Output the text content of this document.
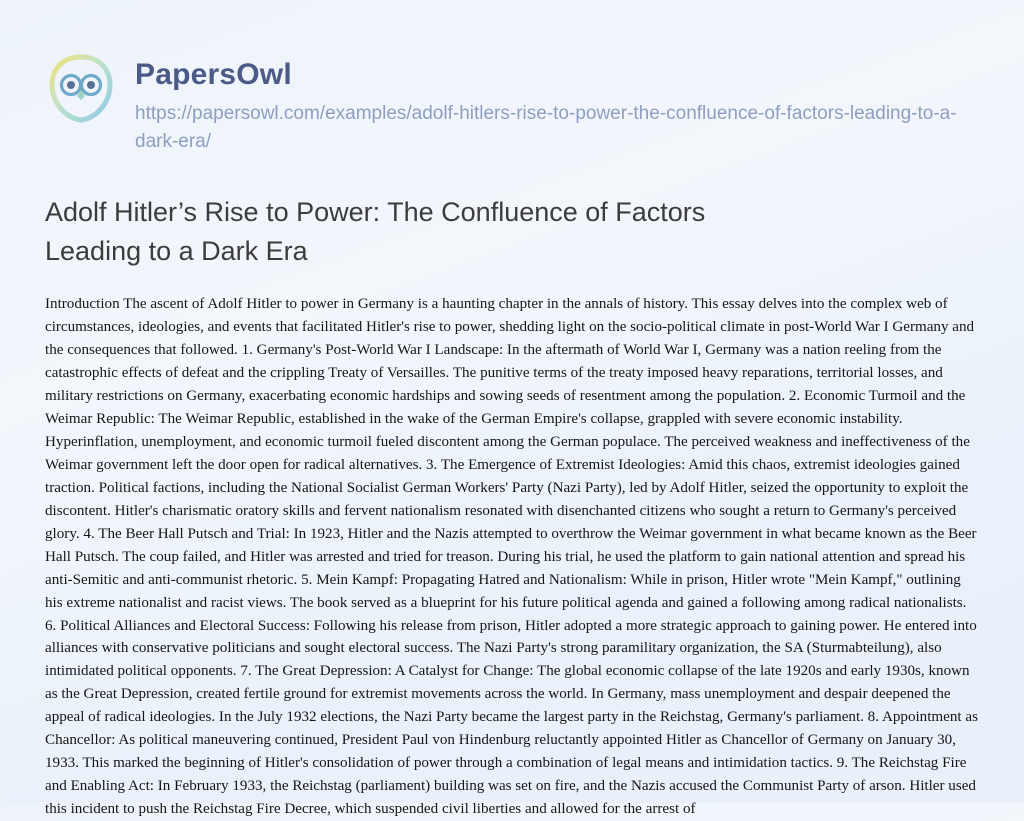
PapersOwl
https://papersowl.com/examples/adolf-hitlers-rise-to-power-the-confluence-of-factors-leading-to-a-dark-era/
Adolf Hitler’s Rise to Power: The Confluence of Factors Leading to a Dark Era
Introduction The ascent of Adolf Hitler to power in Germany is a haunting chapter in the annals of history. This essay delves into the complex web of circumstances, ideologies, and events that facilitated Hitler's rise to power, shedding light on the socio-political climate in post-World War I Germany and the consequences that followed. 1. Germany's Post-World War I Landscape: In the aftermath of World War I, Germany was a nation reeling from the catastrophic effects of defeat and the crippling Treaty of Versailles. The punitive terms of the treaty imposed heavy reparations, territorial losses, and military restrictions on Germany, exacerbating economic hardships and sowing seeds of resentment among the population. 2. Economic Turmoil and the Weimar Republic: The Weimar Republic, established in the wake of the German Empire's collapse, grappled with severe economic instability. Hyperinflation, unemployment, and economic turmoil fueled discontent among the German populace. The perceived weakness and ineffectiveness of the Weimar government left the door open for radical alternatives. 3. The Emergence of Extremist Ideologies: Amid this chaos, extremist ideologies gained traction. Political factions, including the National Socialist German Workers' Party (Nazi Party), led by Adolf Hitler, seized the opportunity to exploit the discontent. Hitler's charismatic oratory skills and fervent nationalism resonated with disenchanted citizens who sought a return to Germany's perceived glory. 4. The Beer Hall Putsch and Trial: In 1923, Hitler and the Nazis attempted to overthrow the Weimar government in what became known as the Beer Hall Putsch. The coup failed, and Hitler was arrested and tried for treason. During his trial, he used the platform to gain national attention and spread his anti-Semitic and anti-communist rhetoric. 5. Mein Kampf: Propagating Hatred and Nationalism: While in prison, Hitler wrote "Mein Kampf," outlining his extreme nationalist and racist views. The book served as a blueprint for his future political agenda and gained a following among radical nationalists. 6. Political Alliances and Electoral Success: Following his release from prison, Hitler adopted a more strategic approach to gaining power. He entered into alliances with conservative politicians and sought electoral success. The Nazi Party's strong paramilitary organization, the SA (Sturmabteilung), also intimidated political opponents. 7. The Great Depression: A Catalyst for Change: The global economic collapse of the late 1920s and early 1930s, known as the Great Depression, created fertile ground for extremist movements across the world. In Germany, mass unemployment and despair deepened the appeal of radical ideologies. In the July 1932 elections, the Nazi Party became the largest party in the Reichstag, Germany's parliament. 8. Appointment as Chancellor: As political maneuvering continued, President Paul von Hindenburg reluctantly appointed Hitler as Chancellor of Germany on January 30, 1933. This marked the beginning of Hitler's consolidation of power through a combination of legal means and intimidation tactics. 9. The Reichstag Fire and Enabling Act: In February 1933, the Reichstag (parliament) building was set on fire, and the Nazis accused the Communist Party of arson. Hitler used this incident to push the Reichstag Fire Decree, which suspended civil liberties and allowed for the arrest of
